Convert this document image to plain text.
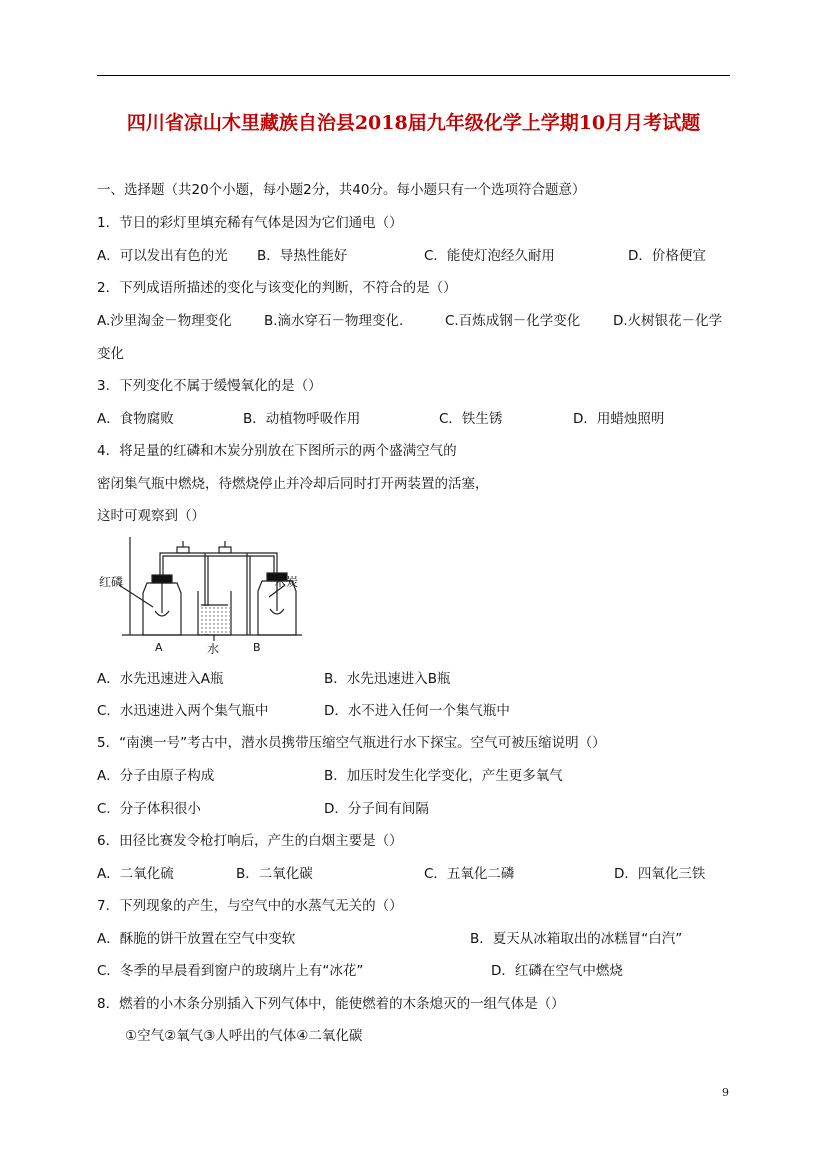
四川省凉山木里藏族自治县2018届九年级化学上学期10月月考试题
一、选择题（共20个小题，每小题2分，共40分。每小题只有一个选项符合题意）
1．节日的彩灯里填充稀有气体是因为它们通电（）
A．可以发出有色的光 B．导热性能好	C．能使灯泡经久耐用	D．价格便宜
2．下列成语所描述的变化与该变化的判断，不符合的是（）
A.沙里淘金－物理变化 B.滴水穿石－物理变化.	C.百炼成钢－化学变化 D.火树银花－化学
变化
3．下列变化不属于缓慢氧化的是（）
A．食物腐败	B．动植物呼吸作用	C．铁生锈	D．用蜡烛照明
4．将足量的红磷和木炭分别放在下图所示的两个盛满空气的
密闭集气瓶中燃烧，待燃烧停止并冷却后同时打开两装置的活塞，
这时可观察到（）
红磷	木炭
A	水	B
A．水先迅速进入A瓶	B．水先迅速进入B瓶
C．水迅速进入两个集气瓶中	D．水不进入任何一个集气瓶中
5．“南澳一号”考古中，潜水员携带压缩空气瓶进行水下探宝。空气可被压缩说明（）
A．分子由原子构成	B．加压时发生化学变化，产生更多氧气
C．分子体积很小	D．分子间有间隔
6．田径比赛发令枪打响后，产生的白烟主要是（）
A．二氧化硫	B．二氧化碳	C．五氧化二磷	D．四氧化三铁
7．下列现象的产生，与空气中的水蒸气无关的（）
A．酥脆的饼干放置在空气中变软	B．夏天从冰箱取出的冰糕冒“白汽”
C．冬季的早晨看到窗户的玻璃片上有“冰花”	D．红磷在空气中燃烧
8．燃着的小木条分别插入下列气体中，能使燃着的木条熄灭的一组气体是（）
①空气②氧气③人呼出的气体④二氧化碳
9
